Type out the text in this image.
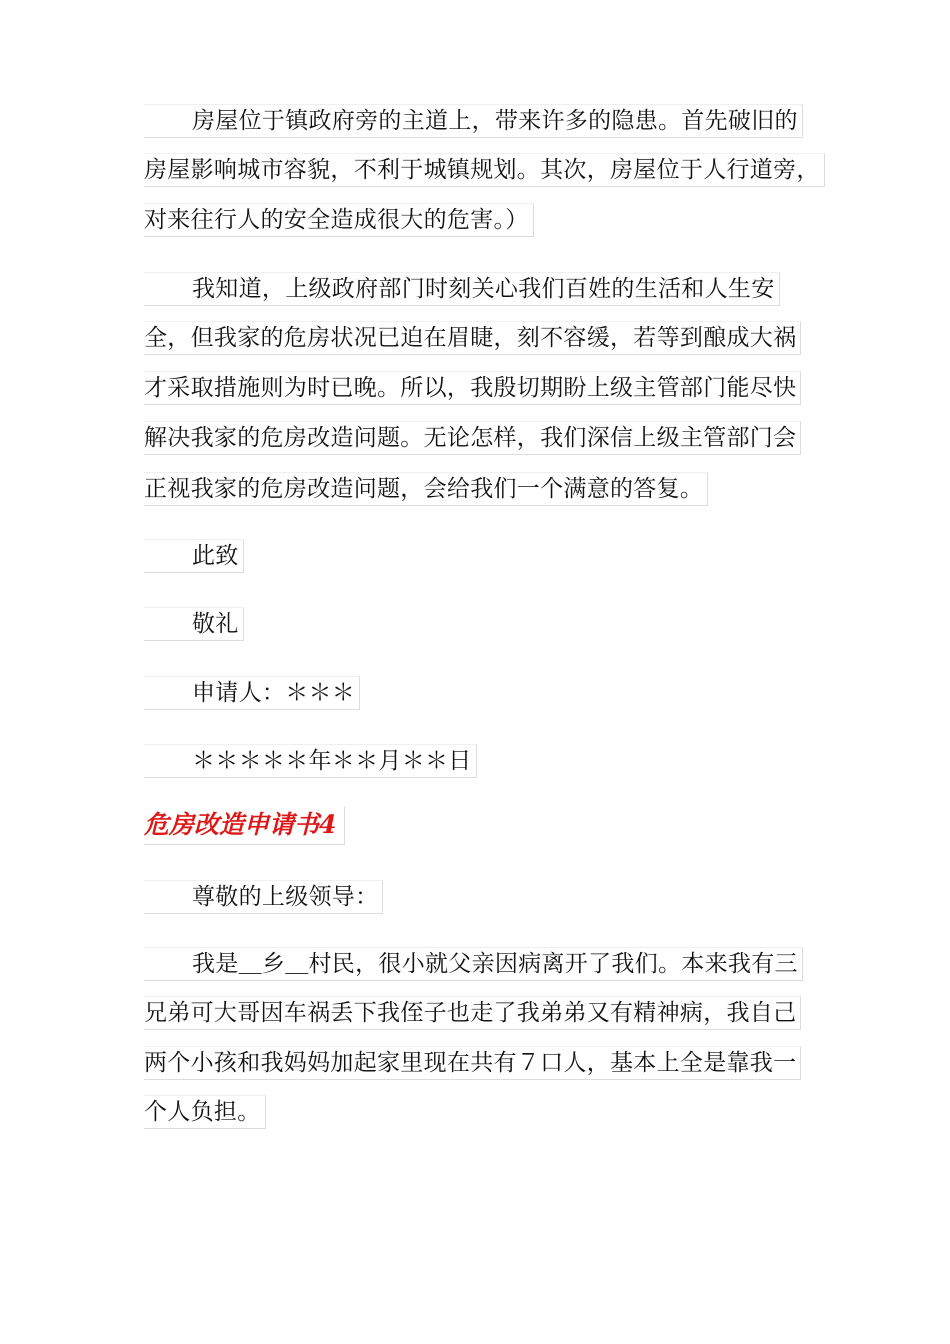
房屋位于镇政府旁的主道上，带来许多的隐患。首先破旧的
房屋影响城市容貌，不利于城镇规划。其次，房屋位于人行道旁，
对来往行人的安全造成很大的危害。）
我知道，上级政府部门时刻关心我们百姓的生活和人生安
全，但我家的危房状况已迫在眉睫，刻不容缓，若等到酿成大祸
才采取措施则为时已晚。所以，我殷切期盼上级主管部门能尽快
解决我家的危房改造问题。无论怎样，我们深信上级主管部门会
正视我家的危房改造问题，会给我们一个满意的答复。
此致
敬礼
申请人：＊＊＊
＊＊＊＊＊年＊＊月＊＊日
危房改造申请书4
尊敬的上级领导：
我是＿乡＿村民，很小就父亲因病离开了我们。本来我有三
兄弟可大哥因车祸丢下我侄子也走了我弟弟又有精神病，我自己
两个小孩和我妈妈加起家里现在共有７口人，基本上全是靠我一
个人负担。
